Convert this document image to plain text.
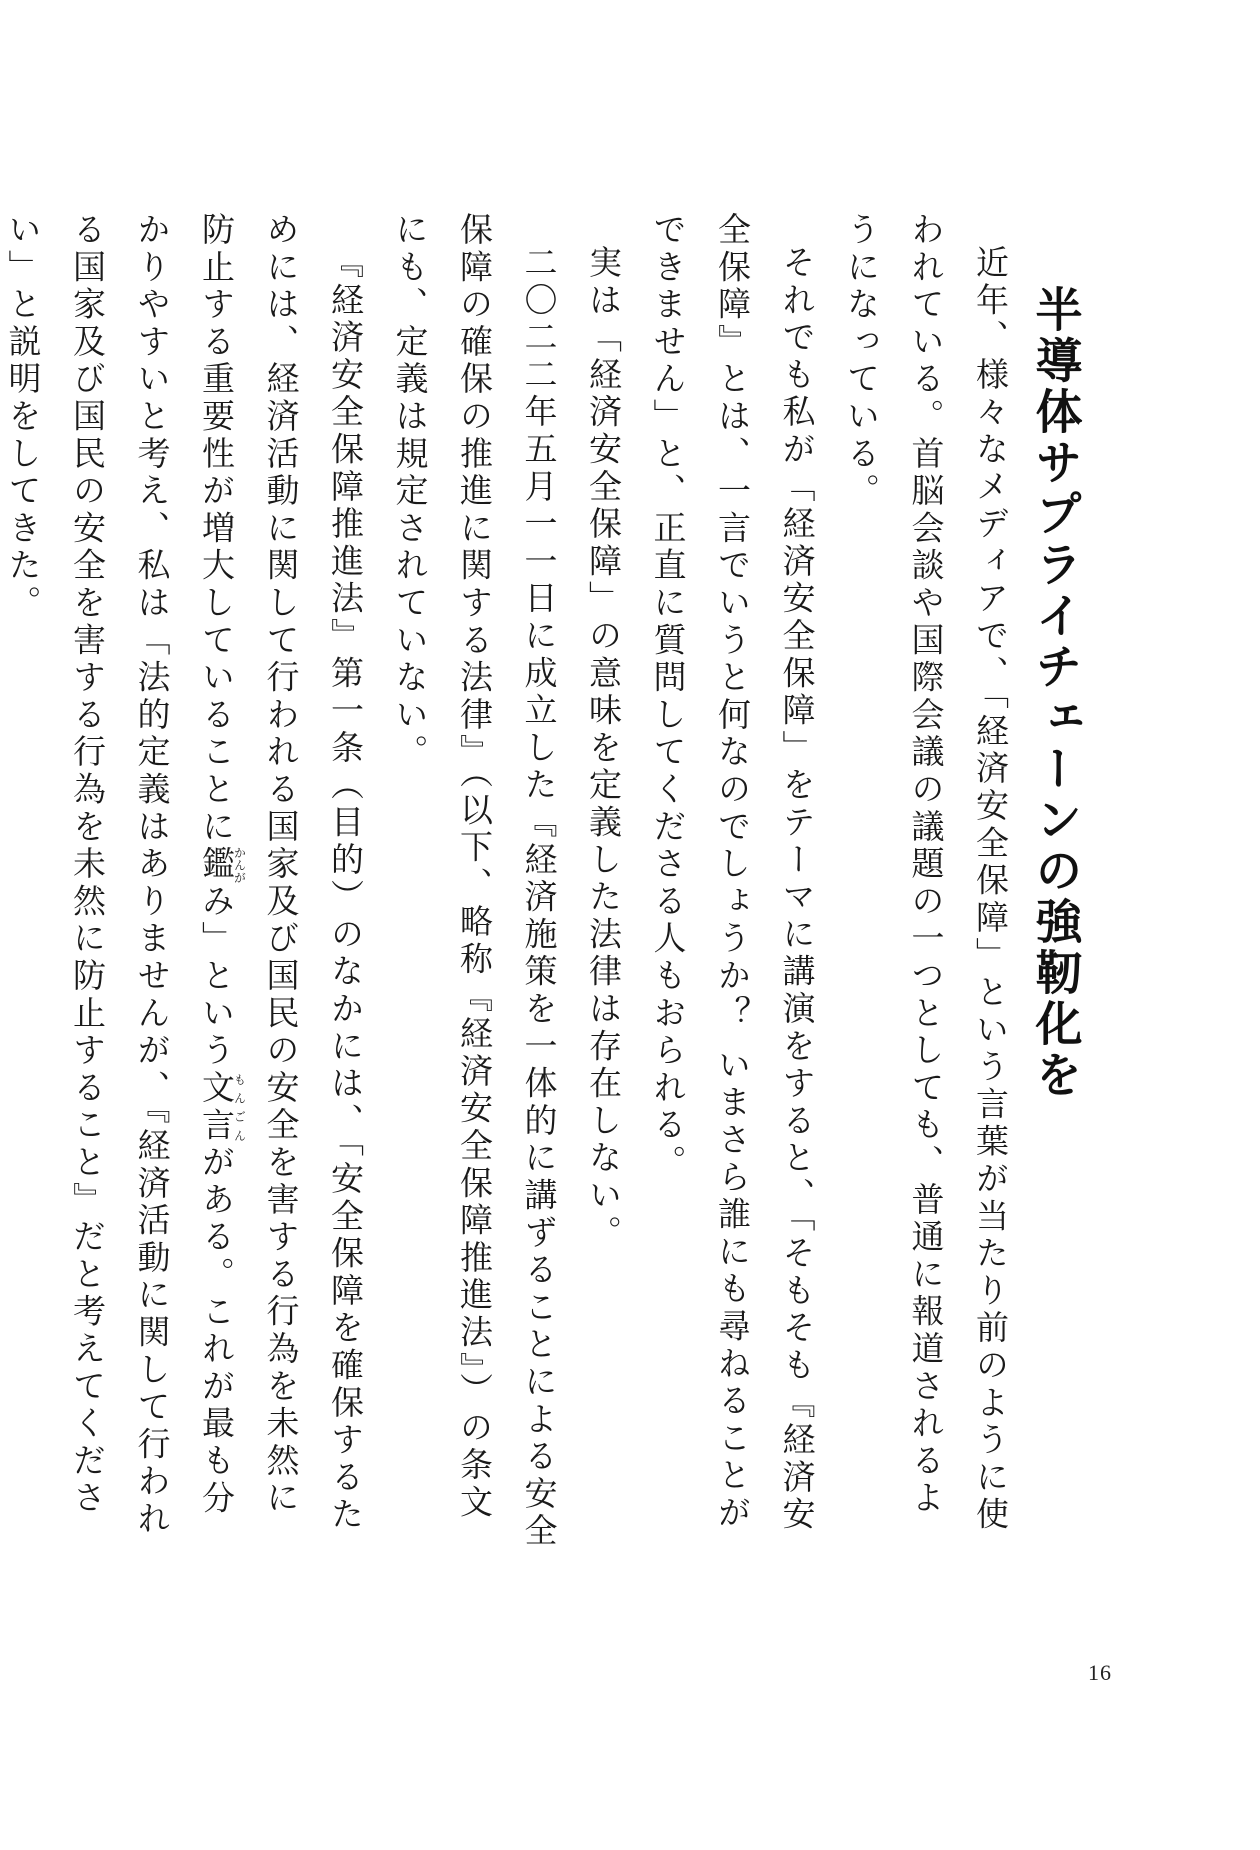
半導体サプライチェーンの強靭化を

近年、様々なメディアで、「経済安全保障」という言葉が当たり前のように使われている。首脳会談や国際会議の議題の一つとしても、普通に報道されるようになっている。

それでも私が「経済安全保障」をテーマに講演をすると、「そもそも『経済安全保障』とは、一言でいうと何なのでしょうか？ いまさら誰にも尋ねることができません」と、正直に質問してくださる人もおられる。

実は「経済安全保障」の意味を定義した法律は存在しない。

二〇二二年五月一一日に成立した『経済施策を一体的に講ずることによる安全保障の確保の推進に関する法律』（以下、略称『経済安全保障推進法』）の条文にも、定義は規定されていない。

『経済安全保障推進法』第一条（目的）のなかには、「安全保障を確保するためには、経済活動に関して行われる国家及び国民の安全を害する行為を未然に防止する重要性が増大していることに鑑かんがみ」という文言もんごんがある。これが最も分かりやすいと考え、私は「法的定義はありませんが、『経済活動に関して行われる国家及び国民の安全を害する行為を未然に防止すること』だと考えてください」と説明をしてきた。

16
